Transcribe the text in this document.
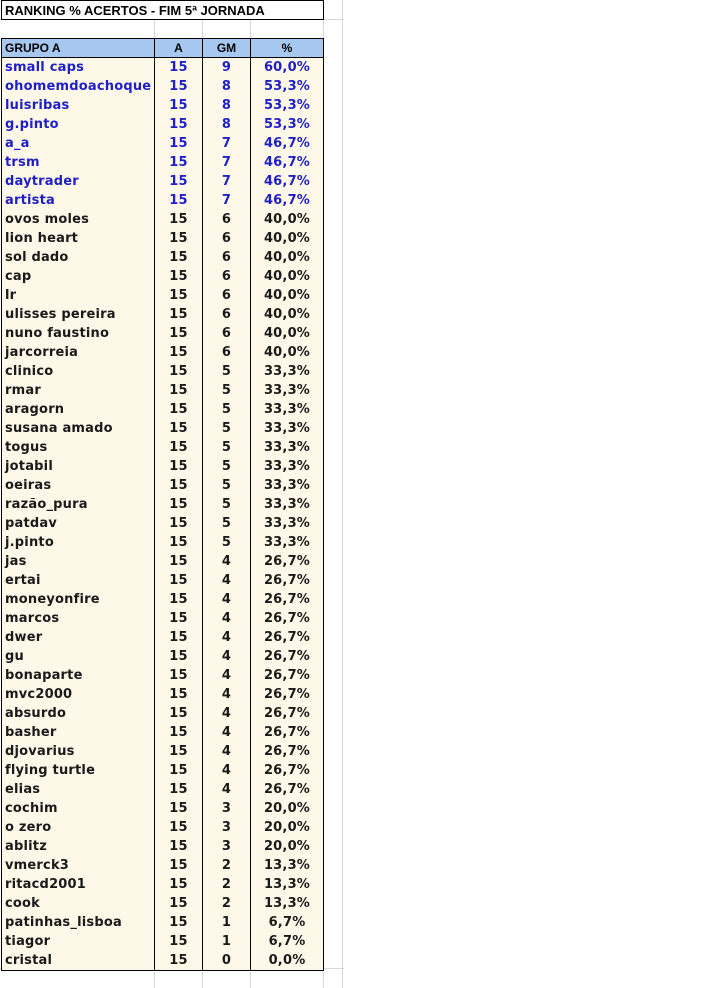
RANKING % ACERTOS - FIM 5ª JORNADA
GRUPO A	A	GM	%
small caps	15	9	60,0%
ohomemdoachoque	15	8	53,3%
luisribas	15	8	53,3%
g.pinto	15	8	53,3%
a_a	15	7	46,7%
trsm	15	7	46,7%
daytrader	15	7	46,7%
artista	15	7	46,7%
ovos moles	15	6	40,0%
lion heart	15	6	40,0%
sol dado	15	6	40,0%
cap	15	6	40,0%
lr	15	6	40,0%
ulisses pereira	15	6	40,0%
nuno faustino	15	6	40,0%
jarcorreia	15	6	40,0%
clinico	15	5	33,3%
rmar	15	5	33,3%
aragorn	15	5	33,3%
susana amado	15	5	33,3%
togus	15	5	33,3%
jotabil	15	5	33,3%
oeiras	15	5	33,3%
razão_pura	15	5	33,3%
patdav	15	5	33,3%
j.pinto	15	5	33,3%
jas	15	4	26,7%
ertai	15	4	26,7%
moneyonfire	15	4	26,7%
marcos	15	4	26,7%
dwer	15	4	26,7%
gu	15	4	26,7%
bonaparte	15	4	26,7%
mvc2000	15	4	26,7%
absurdo	15	4	26,7%
basher	15	4	26,7%
djovarius	15	4	26,7%
flying turtle	15	4	26,7%
elias	15	4	26,7%
cochim	15	3	20,0%
o zero	15	3	20,0%
ablitz	15	3	20,0%
vmerck3	15	2	13,3%
ritacd2001	15	2	13,3%
cook	15	2	13,3%
patinhas_lisboa	15	1	6,7%
tiagor	15	1	6,7%
cristal	15	0	0,0%
